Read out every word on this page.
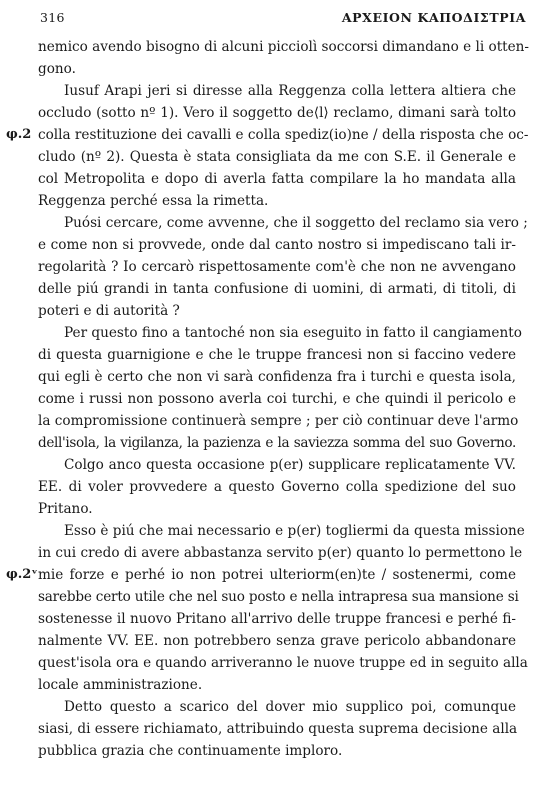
316	ΑΡΧΕΙΟΝ ΚΑΠΟΔΙΣΤΡΙΑ
nemico avendo bisogno di alcuni picciolì soccorsi dimandano e li otten-
gono.
Iusuf Arapi jeri si diresse alla Reggenza colla lettera altiera che
occludo (sotto nº 1). Vero il soggetto de⟨l⟩ reclamo, dimani sarà tolto
φ.2 colla restituzione dei cavalli e colla spediz(io)ne / della risposta che oc-
cludo (nº 2). Questa è stata consigliata da me con S.E. il Generale e
col Metropolita e dopo di averla fatta compilare la ho mandata alla
Reggenza perché essa la rimetta.
Puósi cercare, come avvenne, che il soggetto del reclamo sia vero ;
e come non si provvede, onde dal canto nostro si impediscano tali ir-
regolarità ? Io cercarò rispettosamente com'è che non ne avvengano
delle piú grandi in tanta confusione di uomini, di armati, di titoli, di
poteri e di autorità ?
Per questo fino a tantoché non sia eseguito in fatto il cangiamento
di questa guarnigione e che le truppe francesi non si faccino vedere
qui egli è certo che non vi sarà confidenza fra i turchi e questa isola,
come i russi non possono averla coi turchi, e che quindi il pericolo e
la compromissione continuerà sempre ; per ciò continuar deve l'armo
dell'isola, la vigilanza, la pazienza e la saviezza somma del suo Governo.
Colgo anco questa occasione p(er) supplicare replicatamente VV.
EE. di voler provvedere a questo Governo colla spedizione del suo
Pritano.
Esso è piú che mai necessario e p(er) togliermi da questa missione
in cui credo di avere abbastanza servito p(er) quanto lo permettono le
φ.2ᵛ mie forze e perhé io non potrei ulteriorm(en)te / sostenermi, come
sarebbe certo utile che nel suo posto e nella intrapresa sua mansione si
sostenesse il nuovo Pritano all'arrivo delle truppe francesi e perhé fi-
nalmente VV. EE. non potrebbero senza grave pericolo abbandonare
quest'isola ora e quando arriveranno le nuove truppe ed in seguito alla
locale amministrazione.
Detto questo a scarico del dover mio supplico poi, comunque
siasi, di essere richiamato, attribuindo questa suprema decisione alla
pubblica grazia che continuamente imploro.
